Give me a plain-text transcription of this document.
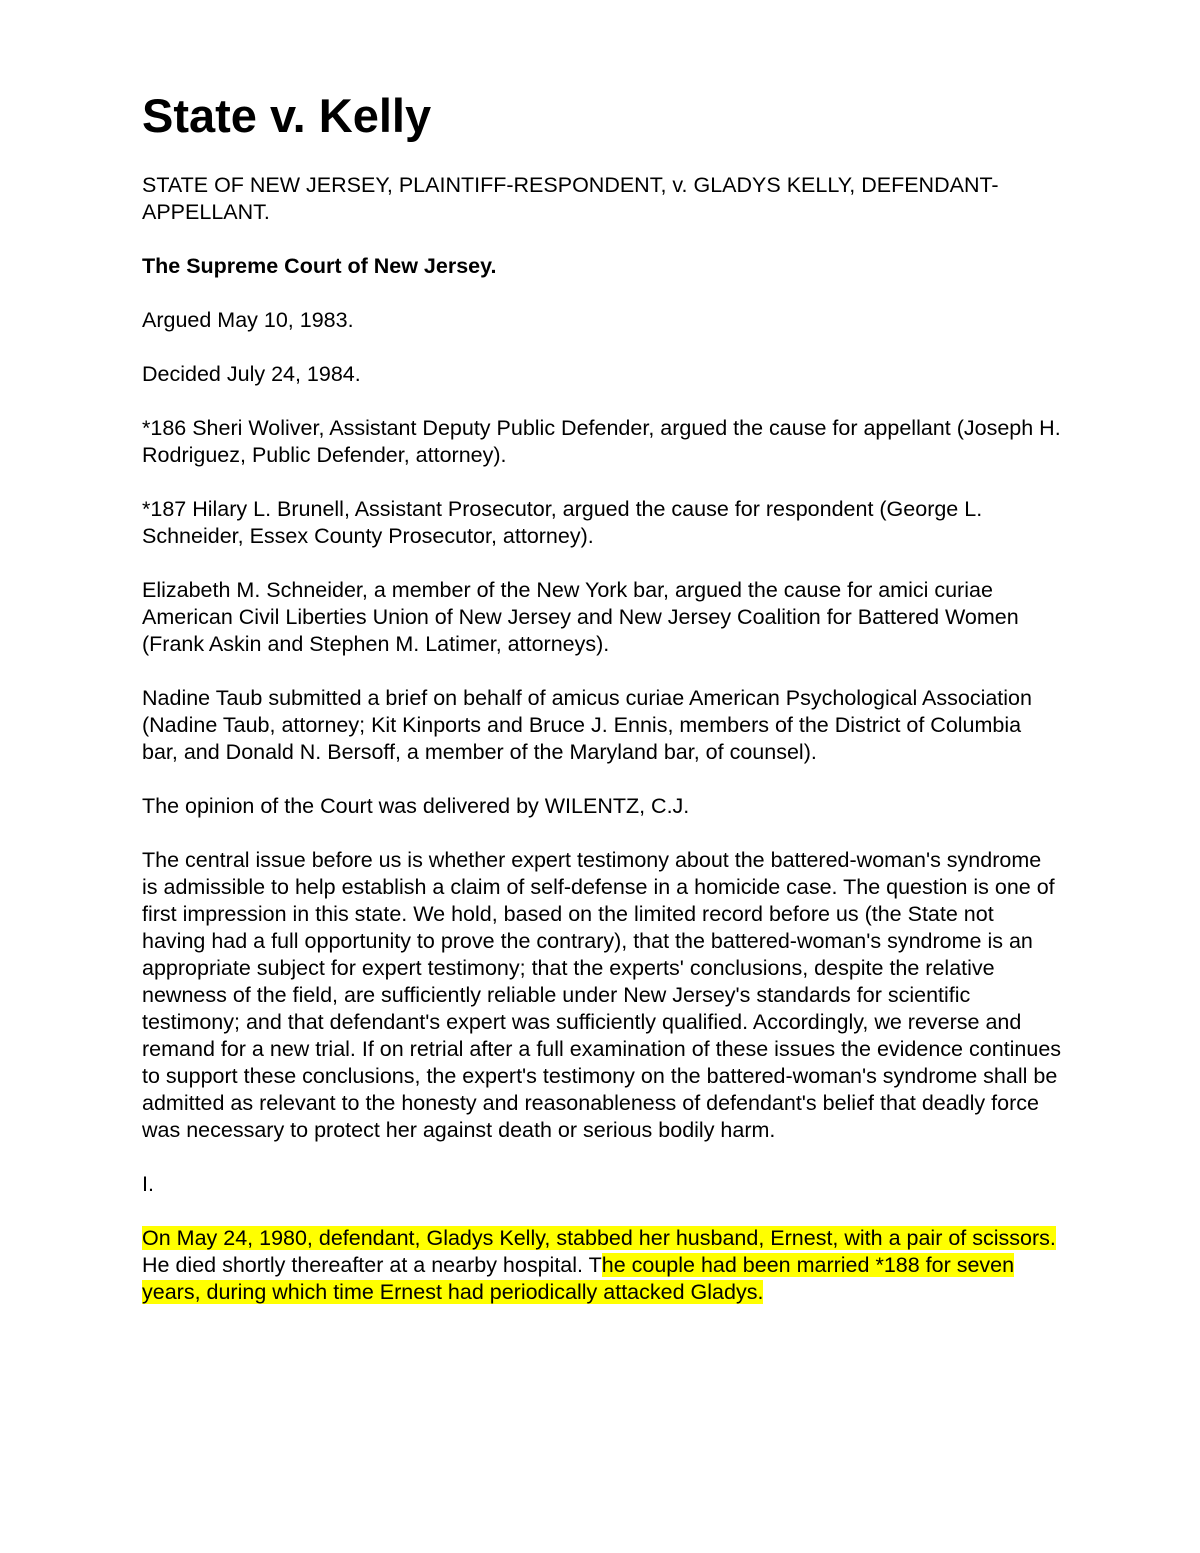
State v. Kelly

STATE OF NEW JERSEY, PLAINTIFF-RESPONDENT, v. GLADYS KELLY, DEFENDANT-APPELLANT.

The Supreme Court of New Jersey.

Argued May 10, 1983.

Decided July 24, 1984.

*186 Sheri Woliver, Assistant Deputy Public Defender, argued the cause for appellant (Joseph H. Rodriguez, Public Defender, attorney).

*187 Hilary L. Brunell, Assistant Prosecutor, argued the cause for respondent (George L. Schneider, Essex County Prosecutor, attorney).

Elizabeth M. Schneider, a member of the New York bar, argued the cause for amici curiae American Civil Liberties Union of New Jersey and New Jersey Coalition for Battered Women (Frank Askin and Stephen M. Latimer, attorneys).

Nadine Taub submitted a brief on behalf of amicus curiae American Psychological Association (Nadine Taub, attorney; Kit Kinports and Bruce J. Ennis, members of the District of Columbia bar, and Donald N. Bersoff, a member of the Maryland bar, of counsel).

The opinion of the Court was delivered by WILENTZ, C.J.

The central issue before us is whether expert testimony about the battered-woman's syndrome is admissible to help establish a claim of self-defense in a homicide case. The question is one of first impression in this state. We hold, based on the limited record before us (the State not having had a full opportunity to prove the contrary), that the battered-woman's syndrome is an appropriate subject for expert testimony; that the experts' conclusions, despite the relative newness of the field, are sufficiently reliable under New Jersey's standards for scientific testimony; and that defendant's expert was sufficiently qualified. Accordingly, we reverse and remand for a new trial. If on retrial after a full examination of these issues the evidence continues to support these conclusions, the expert's testimony on the battered-woman's syndrome shall be admitted as relevant to the honesty and reasonableness of defendant's belief that deadly force was necessary to protect her against death or serious bodily harm.

I.

On May 24, 1980, defendant, Gladys Kelly, stabbed her husband, Ernest, with a pair of scissors. He died shortly thereafter at a nearby hospital. The couple had been married *188 for seven years, during which time Ernest had periodically attacked Gladys.
